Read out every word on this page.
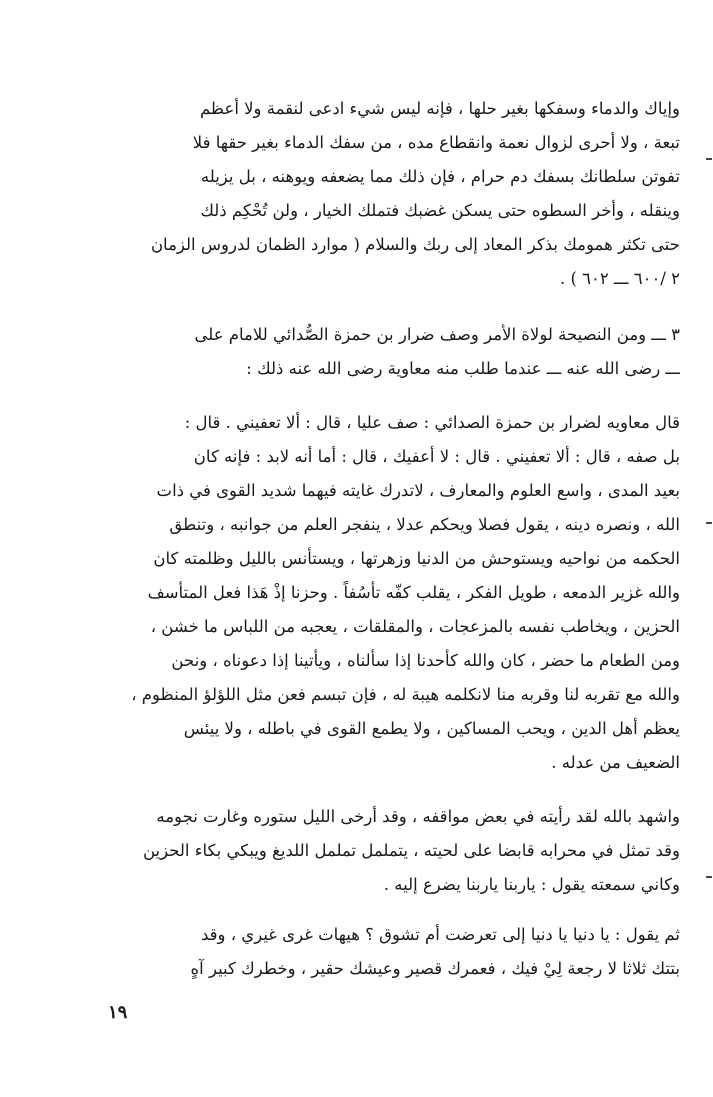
وإياك والدماء وسفكها بغير حلها ، فإنه ليس شيء ادعى لنقمة ولا أعظم
تبعة ، ولا أحرى لزوال نعمة وانقطاع مده ، من سفك الدماء بغير حقها فلا
تفوتن سلطانك بسفك دم حرام ، فإن ذلك مما يضعفه ويوهنه ، بل يزيله
وينقله ، وأخر السطوه حتى يسكن غضبك فتملك الخيار ، ولن تُحْكِم ذلك
حتى تكثر همومك بذكر المعاد إلى ربك والسلام ( موارد الظمان لدروس الزمان
٢ /٦٠٠ ـــ ٦٠٢ ) .

٣ ـــ ومن النصيحة لولاة الأمر وصف ضرار بن حمزة الصُّدائي للامام على
ـــ رضى الله عنه ـــ عندما طلب منه معاوية رضى الله عنه ذلك :

قال معاويه لضرار بن حمزة الصدائي : صف عليا ، قال : ألا تعفيني . قال :
بل صفه ، قال : ألا تعفيني . قال : لا أعفيك ، قال : أما أنه لابد : فإنه كان
بعيد المدى ، واسع العلوم والمعارف ، لاتدرك غايته فيهما شديد القوى في ذات
الله ، ونصره دينه ، يقول فصلا ويحكم عدلا ، ينفجر العلم من جوانبه ، وتنطق
الحكمه من نواحيه ويستوحش من الدنيا وزهرتها ، ويستأنس بالليل وظلمته كان
والله غزير الدمعه ، طويل الفكر ، يقلب كفّه تأسُفاً . وحزنا إذْ هَذا فعل المتأسف
الحزين ، ويخاطب نفسه بالمزعجات ، والمقلقات ، يعجبه من اللباس ما خشن ،
ومن الطعام ما حضر ، كان والله كأحدنا إذا سألناه ، ويأتينا إذا دعوناه ، ونحن
والله مع تقربه لنا وقربه منا لانكلمه هيبة له ، فإن تبسم فعن مثل اللؤلؤ المنظوم ،
يعظم أهل الدين ، ويحب المساكين ، ولا يطمع القوى في باطله ، ولا ييئس
الضعيف من عدله .

واشهد بالله لقد رأيته في بعض مواقفه ، وقد أرخى الليل ستوره وغارت نجومه
وقد تمثل في محرابه قابضا على لحيته ، يتململ تململ اللديغ ويبكي بكاء الحزين
وكاني سمعته يقول : ياربنا ياربنا يضرع إليه .

ثم يقول : يا دنيا يا دنيا إلى تعرضت أم تشوق ؟ هيهات غرى غيري ، وقد
بتتك ثلاثا لا رجعة لِيْ فيك ، فعمرك قصير وعيشك حقير ، وخطرك كبير آهٍ

١٩
